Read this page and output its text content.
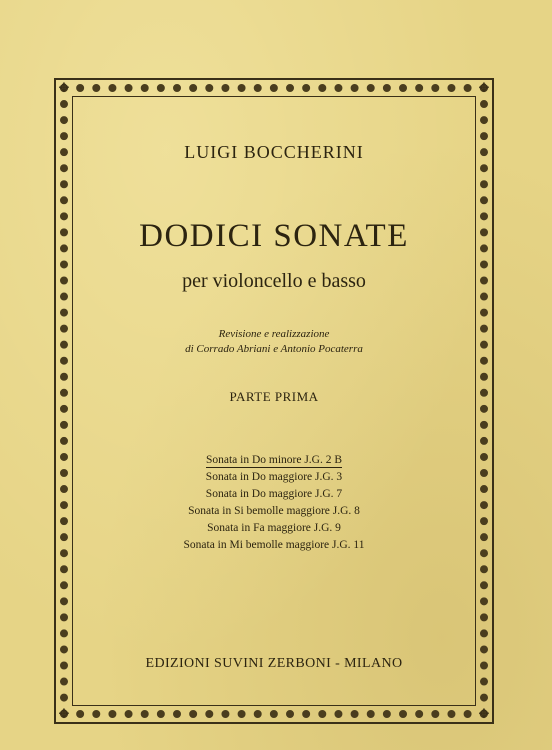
✥	✥
✥	✥
LUIGI BOCCHERINI
DODICI SONATE
per violoncello e basso
Revisione e realizzazione
di Corrado Abriani e Antonio Pocaterra
PARTE PRIMA
Sonata in Do minore J.G. 2 B
Sonata in Do maggiore J.G. 3
Sonata in Do maggiore J.G. 7
Sonata in Si bemolle maggiore J.G. 8
Sonata in Fa maggiore J.G. 9
Sonata in Mi bemolle maggiore J.G. 11
EDIZIONI SUVINI ZERBONI - MILANO
